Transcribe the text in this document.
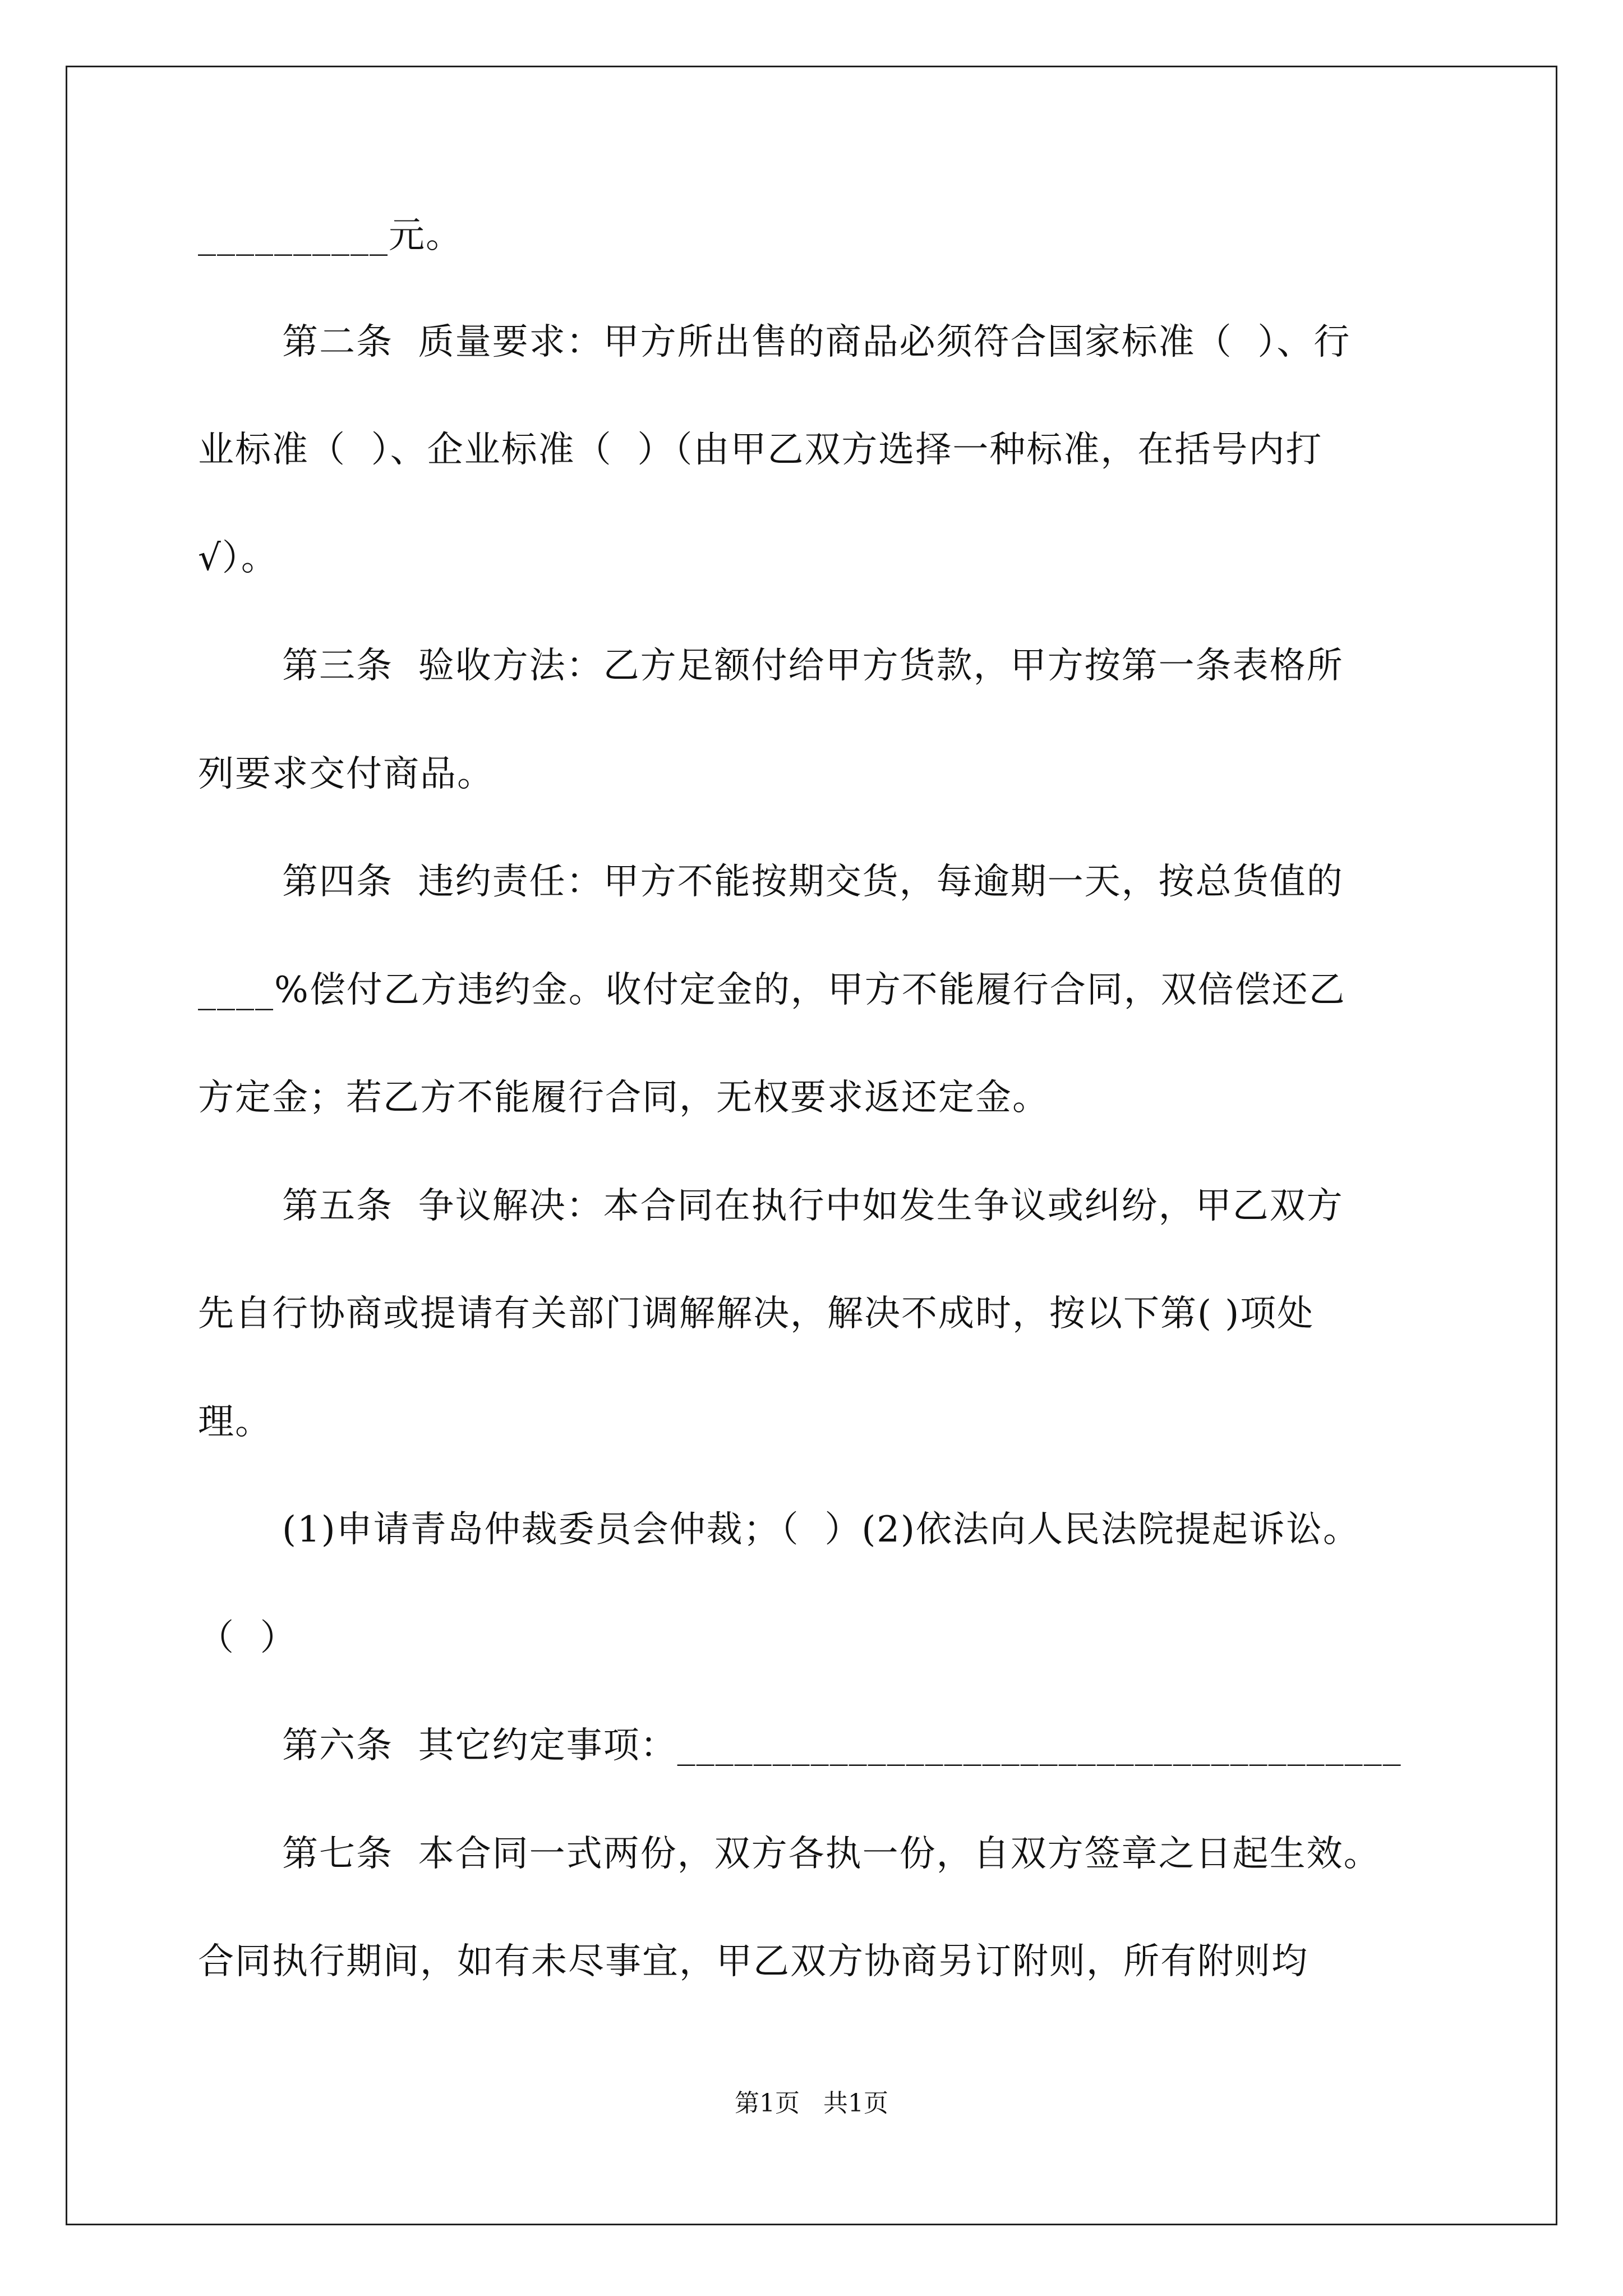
__________元。
第二条  质量要求：甲方所出售的商品必须符合国家标准（  ）、行
业标准（  ）、企业标准（  ）（由甲乙双方选择一种标准，在括号内打
√）。
第三条  验收方法：乙方足额付给甲方货款，甲方按第一条表格所
列要求交付商品。
第四条  违约责任：甲方不能按期交货，每逾期一天，按总货值的
____%偿付乙方违约金。收付定金的，甲方不能履行合同，双倍偿还乙
方定金；若乙方不能履行合同，无权要求返还定金。
第五条  争议解决：本合同在执行中如发生争议或纠纷，甲乙双方
先自行协商或提请有关部门调解解决，解决不成时，按以下第( )项处
理。
(1)申请青岛仲裁委员会仲裁；（  ）(2)依法向人民法院提起诉讼。
（  ）
第六条  其它约定事项：______________________________________
第七条  本合同一式两份，双方各执一份，自双方签章之日起生效。
合同执行期间，如有未尽事宜，甲乙双方协商另订附则，所有附则均
第1页   共1页
